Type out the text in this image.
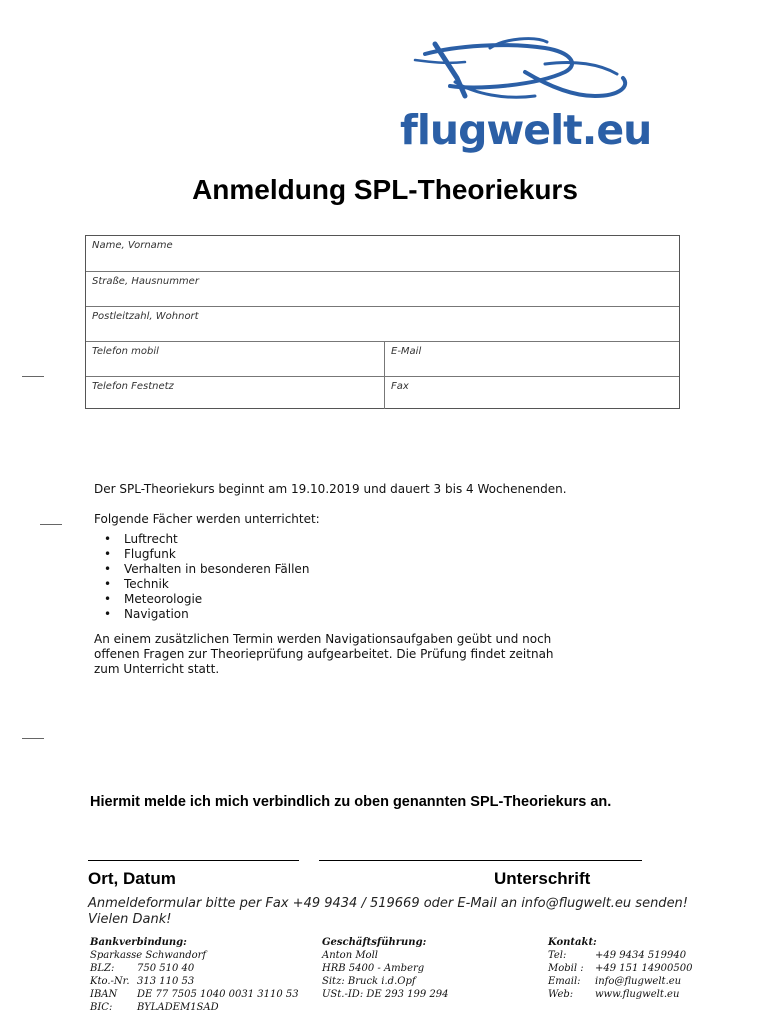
flugwelt.eu
Anmeldung SPL-Theoriekurs
Name, Vorname
Straße, Hausnummer
Postleitzahl, Wohnort
Telefon mobil	E-Mail
Telefon Festnetz	Fax
Der SPL-Theoriekurs beginnt am 19.10.2019 und dauert 3 bis 4 Wochenenden.
Folgende Fächer werden unterrichtet:
• Luftrecht
• Flugfunk
• Verhalten in besonderen Fällen
• Technik
• Meteorologie
• Navigation
An einem zusätzlichen Termin werden Navigationsaufgaben geübt und noch
offenen Fragen zur Theorieprüfung aufgearbeitet. Die Prüfung findet zeitnah
zum Unterricht statt.
Hiermit melde ich mich verbindlich zu oben genannten SPL-Theoriekurs an.
Ort, Datum	Unterschrift
Anmeldeformular bitte per Fax +49 9434 / 519669 oder E-Mail an info@flugwelt.eu senden!
Vielen Dank!
Bankverbindung:
Sparkasse Schwandorf
BLZ:	750 510 40
Kto.-Nr. 313 110 53
IBAN	DE 77 7505 1040 0031 3110 53
BIC:	BYLADEM1SAD
Geschäftsführung:
Anton Moll
HRB 5400 - Amberg
Sitz: Bruck i.d.Opf
USt.-ID: DE 293 199 294
Kontakt:
Tel:	+49 9434 519940
Mobil :	+49 151 14900500
Email:	info@flugwelt.eu
Web:	www.flugwelt.eu
